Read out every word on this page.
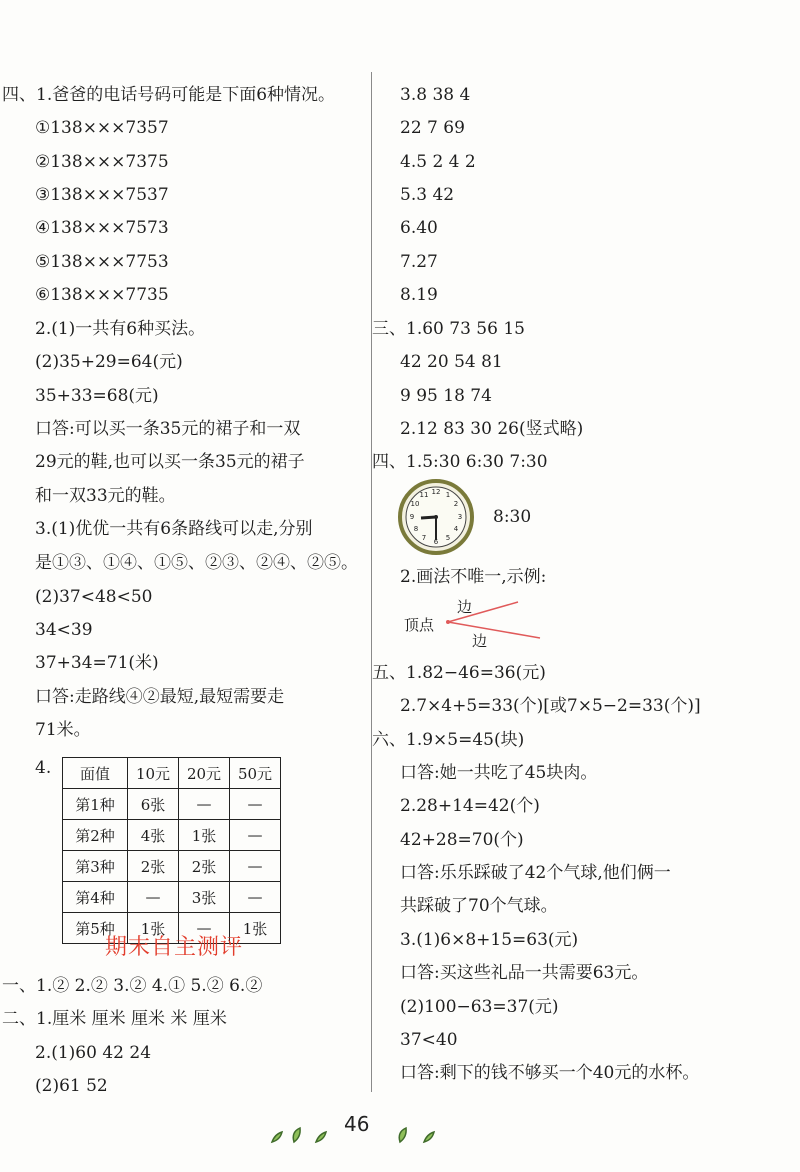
四、1.爸爸的电话号码可能是下面6种情况。
①138×××7357
②138×××7375
③138×××7537
④138×××7573
⑤138×××7753
⑥138×××7735
2.(1)一共有6种买法。
(2)35+29=64(元)
35+33=68(元)
口答:可以买一条35元的裙子和一双
29元的鞋,也可以买一条35元的裙子
和一双33元的鞋。
3.(1)优优一共有6条路线可以走,分别
是①③、①④、①⑤、②③、②④、②⑤。
(2)37<48<50
34<39
37+34=71(米)
口答:走路线④②最短,最短需要走
71米。
4. 面值	10元	20元	50元
第1种	6张	—	—
第2种	4张	1张	—
第3种	2张	2张	—
第4种	—	3张	—
第5种	1张	—	1张
期末自主测评
一、1.② 2.② 3.② 4.① 5.② 6.②
二、1.厘米 厘米 厘米 米 厘米
2.(1)60 42 24
(2)61 52
3.8 38 4
22 7 69
4.5 2 4 2
5.3 42
6.40
7.27
8.19
三、1.60 73 56 15
42 20 54 81
9 95 18 74
2.12 83 30 26(竖式略)
四、1.5:30 6:30 7:30
12 1
2
3
4
5
6
7
8
9
10
11
8:30
2.画法不唯一,示例:
边
边
顶点
五、1.82−46=36(元)
2.7×4+5=33(个)[或7×5−2=33(个)]
六、1.9×5=45(块)
口答:她一共吃了45块肉。
2.28+14=42(个)
42+28=70(个)
口答:乐乐踩破了42个气球,他们俩一
共踩破了70个气球。
3.(1)6×8+15=63(元)
口答:买这些礼品一共需要63元。
(2)100−63=37(元)
37<40
口答:剩下的钱不够买一个40元的水杯。
46
